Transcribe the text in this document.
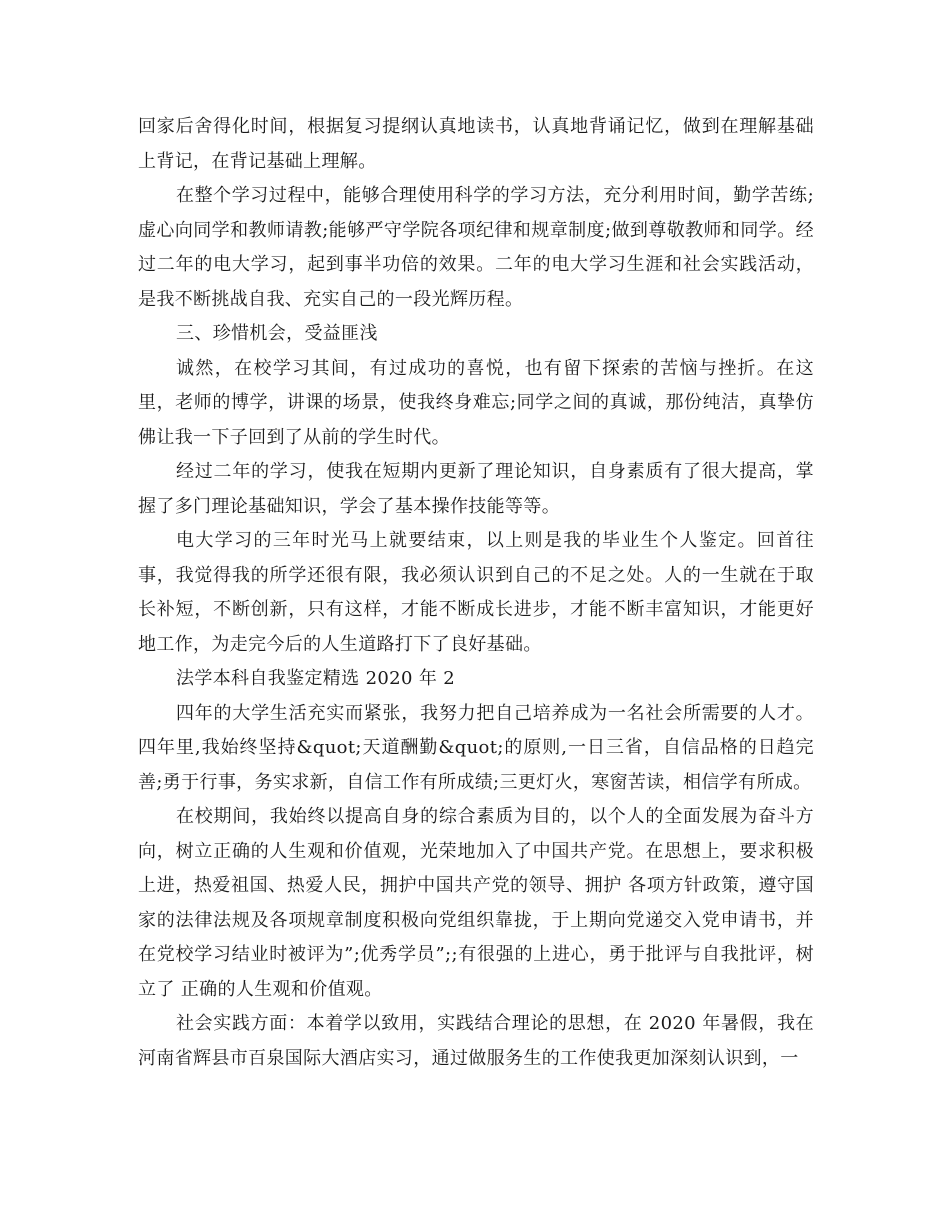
回家后舍得化时间，根据复习提纲认真地读书，认真地背诵记忆，做到在理解基础上背记，在背记基础上理解。

在整个学习过程中，能够合理使用科学的学习方法，充分利用时间，勤学苦练;虚心向同学和教师请教;能够严守学院各项纪律和规章制度;做到尊敬教师和同学。经过二年的电大学习，起到事半功倍的效果。二年的电大学习生涯和社会实践活动，是我不断挑战自我、充实自己的一段光辉历程。

三、珍惜机会，受益匪浅

诚然，在校学习其间，有过成功的喜悦，也有留下探索的苦恼与挫折。在这里，老师的博学，讲课的场景，使我终身难忘;同学之间的真诚，那份纯洁，真挚仿佛让我一下子回到了从前的学生时代。

经过二年的学习，使我在短期内更新了理论知识，自身素质有了很大提高，掌握了多门理论基础知识，学会了基本操作技能等等。

电大学习的三年时光马上就要结束，以上则是我的毕业生个人鉴定。回首往事，我觉得我的所学还很有限，我必须认识到自己的不足之处。人的一生就在于取长补短，不断创新，只有这样，才能不断成长进步，才能不断丰富知识，才能更好地工作，为走完今后的人生道路打下了良好基础。

法学本科自我鉴定精选 2020 年 2

四年的大学生活充实而紧张，我努力把自己培养成为一名社会所需要的人才。四年里,我始终坚持&quot;天道酬勤&quot;的原则,一日三省，自信品格的日趋完善;勇于行事，务实求新，自信工作有所成绩;三更灯火，寒窗苦读，相信学有所成。

在校期间，我始终以提高自身的综合素质为目的，以个人的全面发展为奋斗方向，树立正确的人生观和价值观，光荣地加入了中国共产党。在思想上，要求积极上进，热爱祖国、热爱人民，拥护中国共产党的领导、拥护 各项方针政策，遵守国家的法律法规及各项规章制度积极向党组织靠拢，于上期向党递交入党申请书，并在党校学习结业时被评为”;优秀学员”;;有很强的上进心，勇于批评与自我批评，树立了 正确的人生观和价值观。

社会实践方面：本着学以致用，实践结合理论的思想，在 2020 年暑假，我在河南省辉县市百泉国际大酒店实习，通过做服务生的工作使我更加深刻认识到，一
